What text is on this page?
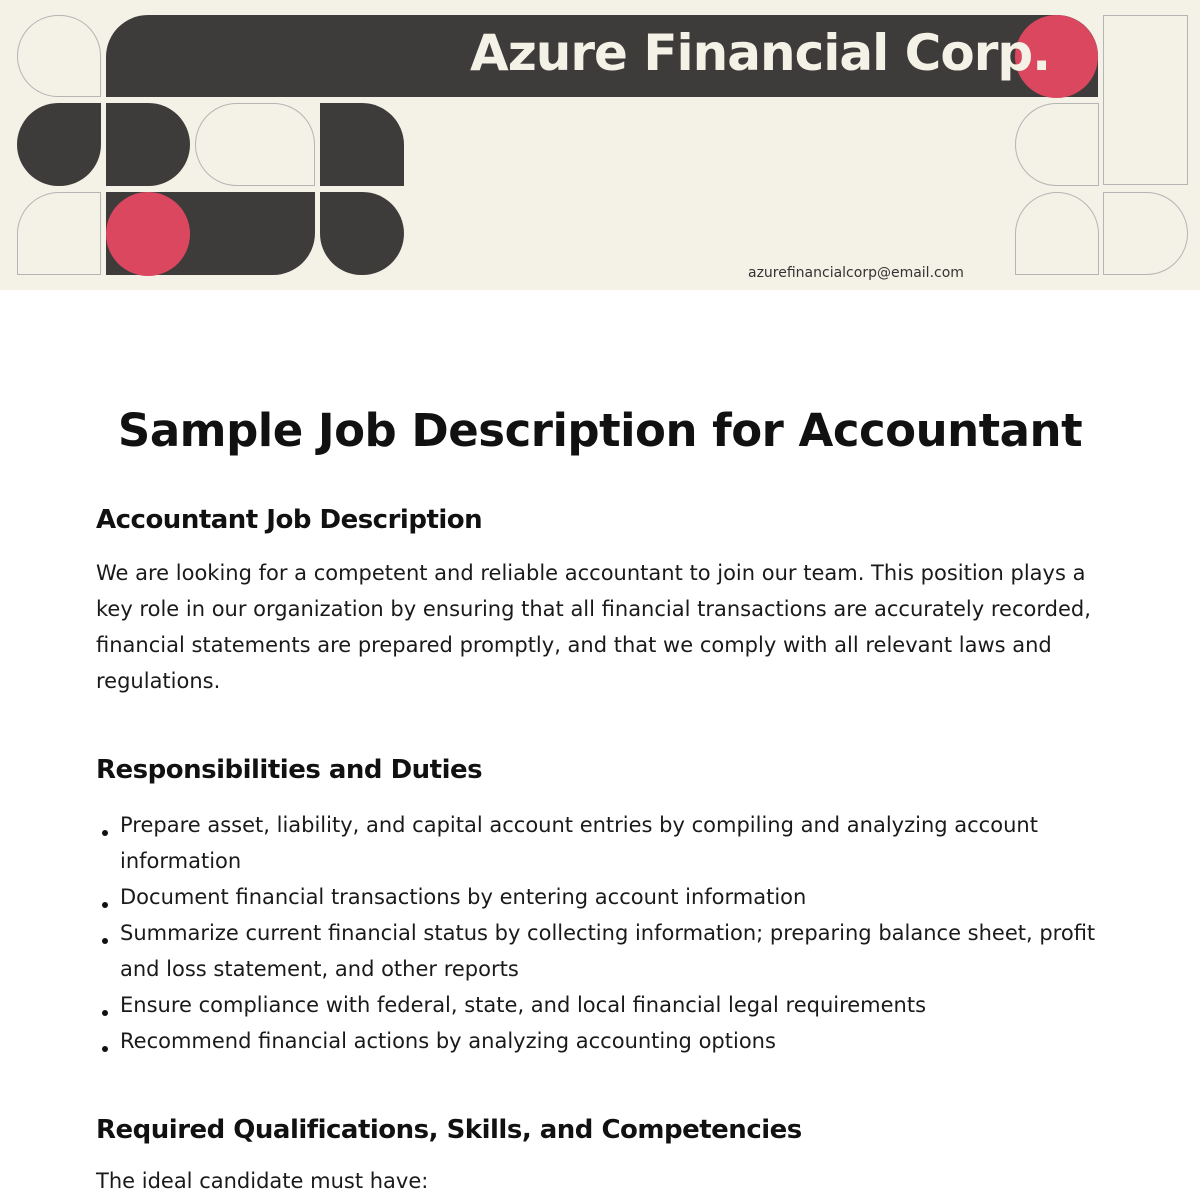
Azure Financial Corp.
azurefinancialcorp@email.com
Sample Job Description for Accountant
Accountant Job Description

We are looking for a competent and reliable accountant to join our team. This position plays a key role in our organization by ensuring that all financial transactions are accurately recorded, financial statements are prepared promptly, and that we comply with all relevant laws and regulations.

Responsibilities and Duties
Prepare asset, liability, and capital account entries by compiling and analyzing account information
Document financial transactions by entering account information
Summarize current financial status by collecting information; preparing balance sheet, profit and loss statement, and other reports
Ensure compliance with federal, state, and local financial legal requirements
Recommend financial actions by analyzing accounting options
Required Qualifications, Skills, and Competencies

The ideal candidate must have:
